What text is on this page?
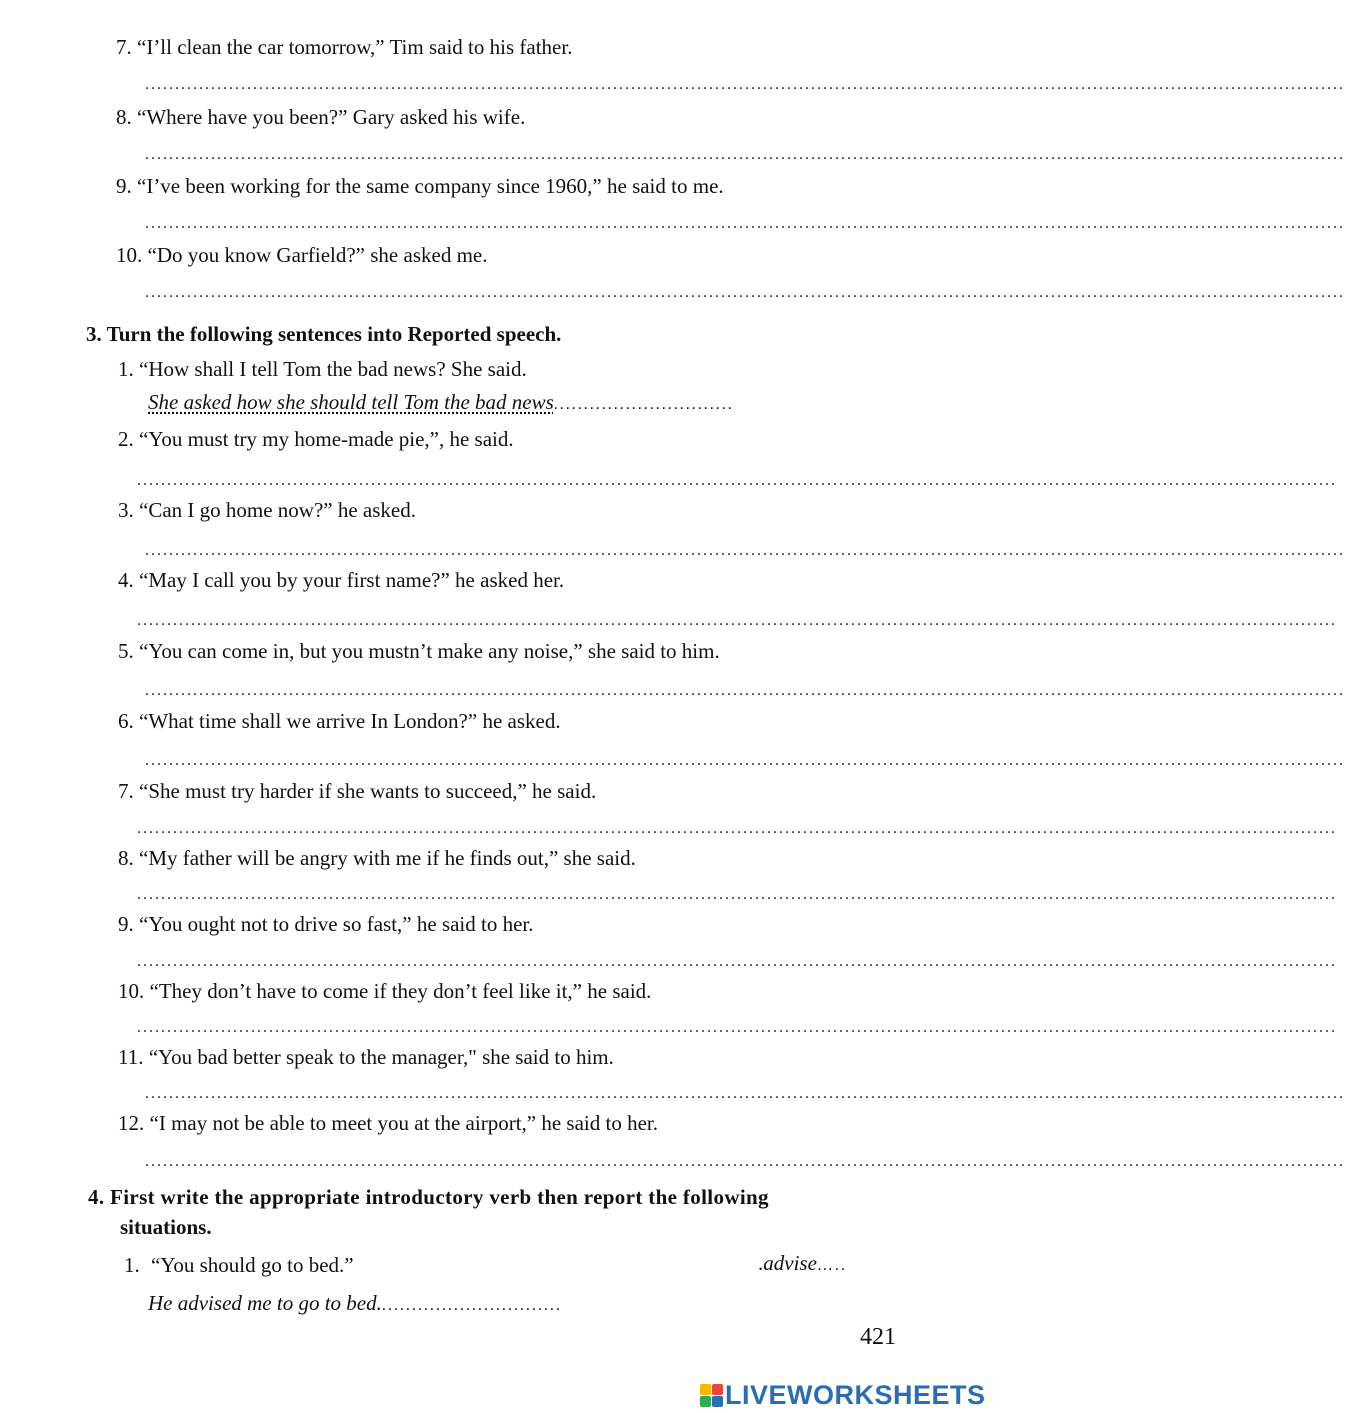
7. “I’ll clean the car tomorrow,” Tim said to his father.
........................................................................................................................................................................................................
8. “Where have you been?” Gary asked his wife.
........................................................................................................................................................................................................
9. “I’ve been working for the same company since 1960,” he said to me.
........................................................................................................................................................................................................
10. “Do you know Garfield?” she asked me.
........................................................................................................................................................................................................
3. Turn the following sentences into Reported speech.
1. “How shall I tell Tom the bad news? She said.
She asked how she should tell Tom the bad news..............................
2. “You must try my home-made pie,”, he said.
........................................................................................................................................................................................................
3. “Can I go home now?” he asked.
........................................................................................................................................................................................................
4. “May I call you by your first name?” he asked her.
........................................................................................................................................................................................................
5. “You can come in, but you mustn’t make any noise,” she said to him.
........................................................................................................................................................................................................
6. “What time shall we arrive In London?” he asked.
........................................................................................................................................................................................................
7. “She must try harder if she wants to succeed,” he said.
........................................................................................................................................................................................................
8. “My father will be angry with me if he finds out,” she said.
........................................................................................................................................................................................................
9. “You ought not to drive so fast,” he said to her.
........................................................................................................................................................................................................
10. “They don’t have to come if they don’t feel like it,” he said.
........................................................................................................................................................................................................
11. “You bad better speak to the manager," she said to him.
........................................................................................................................................................................................................
12. “I may not be able to meet you at the airport,” he said to her.
........................................................................................................................................................................................................
4. First write the appropriate introductory verb then report the following
situations.
1. “You should go to bed.”	.advise…..
He advised me to go to bed...............................
421
LIVEWORKSHEETS
